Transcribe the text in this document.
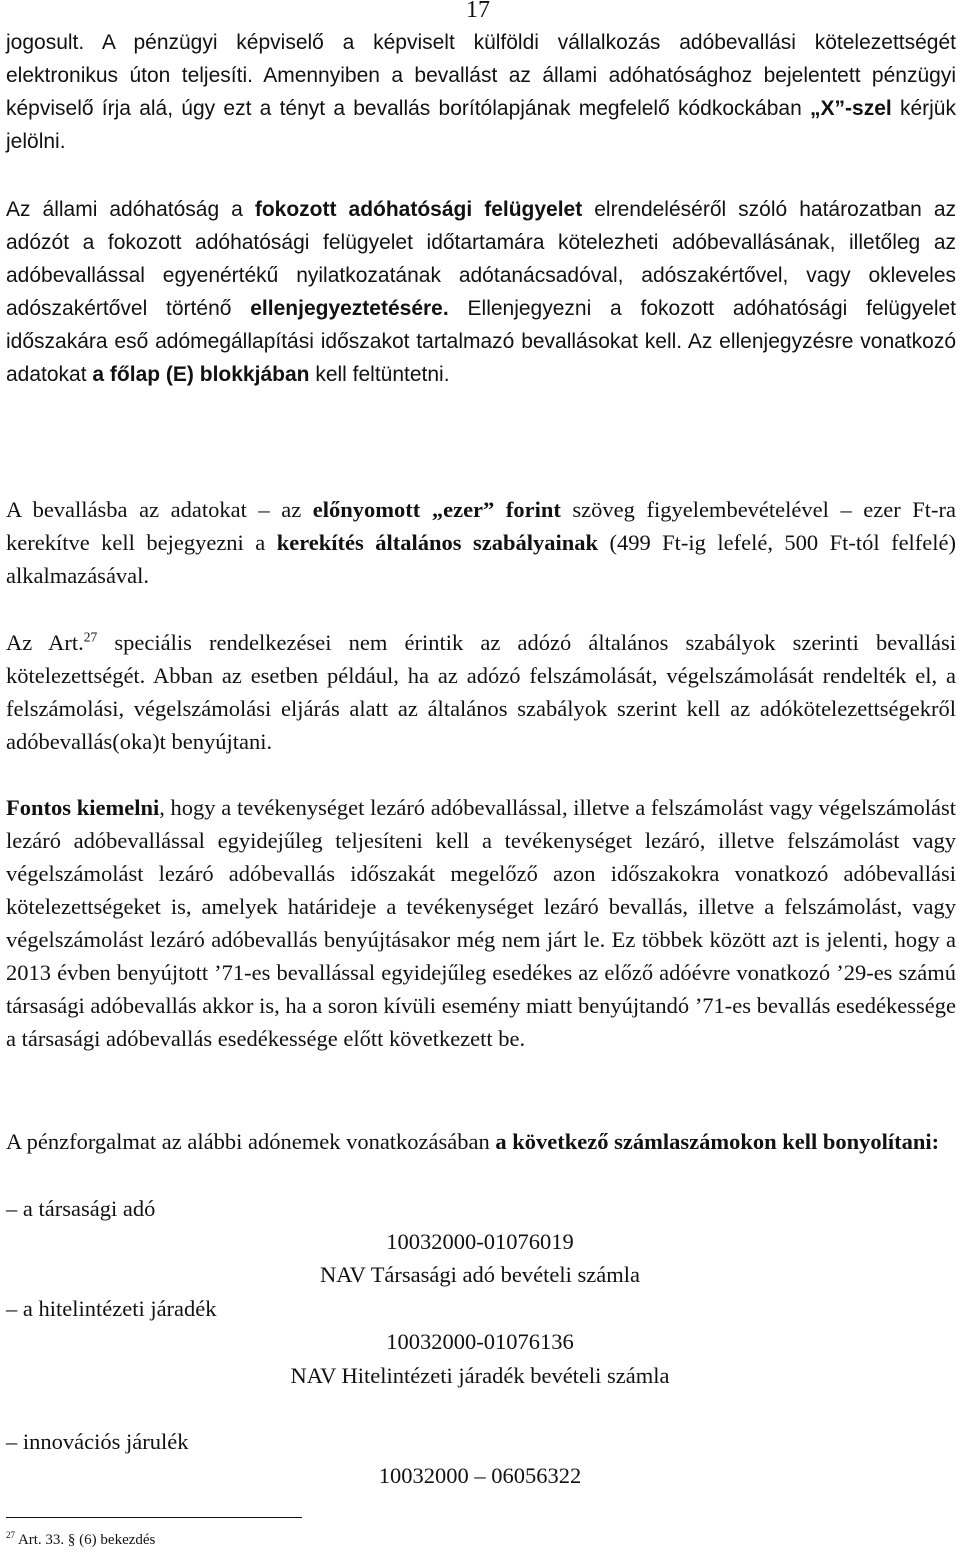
17

jogosult. A pénzügyi képviselő a képviselt külföldi vállalkozás adóbevallási kötelezettségét elektronikus úton teljesíti. Amennyiben a bevallást az állami adóhatósághoz bejelentett pénzügyi képviselő írja alá, úgy ezt a tényt a bevallás borítólapjának megfelelő kódkockában „X”-szel kérjük jelölni.

Az állami adóhatóság a fokozott adóhatósági felügyelet elrendeléséről szóló határozatban az adózót a fokozott adóhatósági felügyelet időtartamára kötelezheti adóbevallásának, illetőleg az adóbevallással egyenértékű nyilatkozatának adótanácsadóval, adószakértővel, vagy okleveles adószakértővel történő ellenjegyeztetésére. Ellenjegyezni a fokozott adóhatósági felügyelet időszakára eső adómegállapítási időszakot tartalmazó bevallásokat kell. Az ellenjegyzésre vonatkozó adatokat a főlap (E) blokkjában kell feltüntetni.

A bevallásba az adatokat – az előnyomott „ezer” forint szöveg figyelembevételével – ezer Ft-ra kerekítve kell bejegyezni a kerekítés általános szabályainak (499 Ft-ig lefelé, 500 Ft-tól felfelé) alkalmazásával.

Az Art.$^{27}$ speciális rendelkezései nem érintik az adózó általános szabályok szerinti bevallási kötelezettségét. Abban az esetben például, ha az adózó felszámolását, végelszámolását rendelték el, a felszámolási, végelszámolási eljárás alatt az általános szabályok szerint kell az adókötelezettségekről adóbevallás(oka)t benyújtani.

Fontos kiemelni, hogy a tevékenységet lezáró adóbevallással, illetve a felszámolást vagy végelszámolást lezáró adóbevallással egyidejűleg teljesíteni kell a tevékenységet lezáró, illetve felszámolást vagy végelszámolást lezáró adóbevallás időszakát megelőző azon időszakokra vonatkozó adóbevallási kötelezettségeket is, amelyek határideje a tevékenységet lezáró bevallás, illetve a felszámolást, vagy végelszámolást lezáró adóbevallás benyújtásakor még nem járt le. Ez többek között azt is jelenti, hogy a 2013 évben benyújtott ’71-es bevallással egyidejűleg esedékes az előző adóévre vonatkozó ’29-es számú társasági adóbevallás akkor is, ha a soron kívüli esemény miatt benyújtandó ’71-es bevallás esedékessége a társasági adóbevallás esedékessége előtt következett be.

A pénzforgalmat az alábbi adónemek vonatkozásában a következő számlaszámokon kell bonyolítani:

– a társasági adó

10032000-01076019

NAV Társasági adó bevételi számla

– a hitelintézeti járadék

10032000-01076136

NAV Hitelintézeti járadék bevételi számla

– innovációs járulék

10032000 – 06056322

$^{27}$ Art. 33. § (6) bekezdés
